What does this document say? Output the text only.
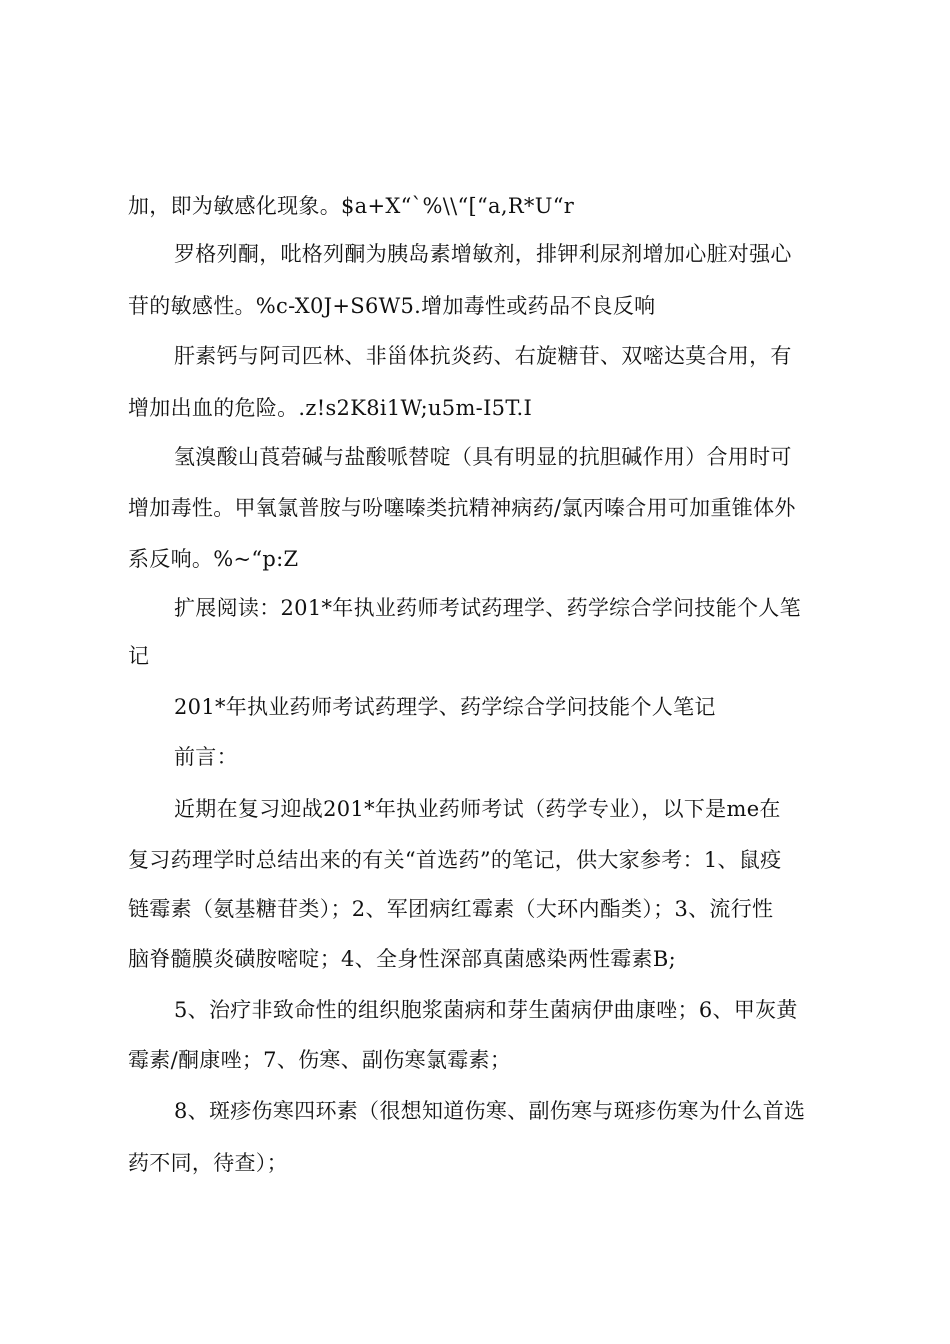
加，即为敏感化现象。$a+X“`%\\“[“a,R*U“r
罗格列酮，吡格列酮为胰岛素增敏剂，排钾利尿剂增加心脏对强心
苷的敏感性。%c-X0J+S6W5.增加毒性或药品不良反响
肝素钙与阿司匹林、非甾体抗炎药、右旋糖苷、双嘧达莫合用，有
增加出血的危险。.z!s2K8i1W;u5m-I5T.I
氢溴酸山莨菪碱与盐酸哌替啶（具有明显的抗胆碱作用）合用时可
增加毒性。甲氧氯普胺与吩噻嗪类抗精神病药/氯丙嗪合用可加重锥体外
系反响。%~“p:Z
扩展阅读：201*年执业药师考试药理学、药学综合学问技能个人笔
记
201*年执业药师考试药理学、药学综合学问技能个人笔记
前言：
近期在复习迎战201*年执业药师考试（药学专业），以下是me在
复习药理学时总结出来的有关“首选药”的笔记，供大家参考：1、鼠疫
链霉素（氨基糖苷类）；2、军团病红霉素（大环内酯类）；3、流行性
脑脊髓膜炎磺胺嘧啶；4、全身性深部真菌感染两性霉素B;
5、治疗非致命性的组织胞浆菌病和芽生菌病伊曲康唑；6、甲灰黄
霉素/酮康唑；7、伤寒、副伤寒氯霉素；
8、斑疹伤寒四环素（很想知道伤寒、副伤寒与斑疹伤寒为什么首选
药不同，待查）；
